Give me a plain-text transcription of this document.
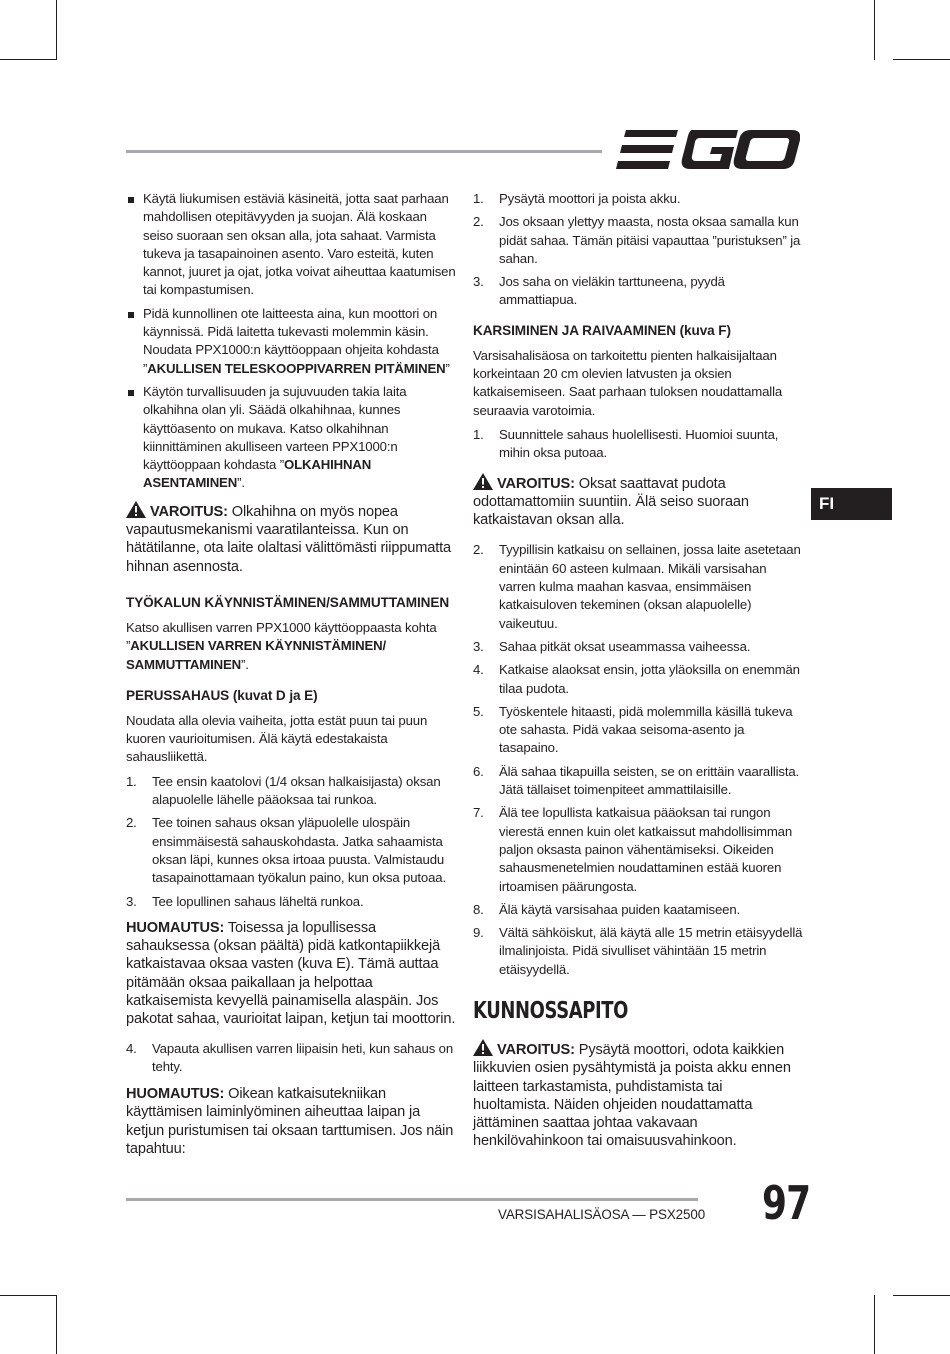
FI
Käytä liukumisen estäviä käsineitä, jotta saat parhaan mahdollisen otepitävyyden ja suojan. Älä koskaan seiso suoraan sen oksan alla, jota sahaat. Varmista tukeva ja tasapainoinen asento. Varo esteitä, kuten kannot, juuret ja ojat, jotka voivat aiheuttaa kaatumisen tai kompastumisen.
Pidä kunnollinen ote laitteesta aina, kun moottori on käynnissä. Pidä laitetta tukevasti molemmin käsin. Noudata PPX1000:n käyttöoppaan ohjeita kohdasta ”AKULLISEN TELESKOOPPIVARREN PITÄMINEN”
Käytön turvallisuuden ja sujuvuuden takia laita olkahihna olan yli. Säädä olkahihnaa, kunnes käyttöasento on mukava. Katso olkahihnan kiinnittäminen akulliseen varteen PPX1000:n käyttöoppaan kohdasta ”OLKAHIHNAN ASENTAMINEN”.

VAROITUS: Olkahihna on myös nopea vapautusmekanismi vaaratilanteissa. Kun on hätätilanne, ota laite olaltasi välittömästi riippumatta hihnan asennosta.

TYÖKALUN KÄYNNISTÄMINEN/SAMMUTTAMINEN

Katso akullisen varren PPX1000 käyttöoppaasta kohta ”AKULLISEN VARREN KÄYNNISTÄMINEN/ SAMMUTTAMINEN”.

PERUSSAHAUS (kuvat D ja E)

Noudata alla olevia vaiheita, jotta estät puun tai puun kuoren vaurioitumisen. Älä käytä edestakaista sahausliikettä.

1. Tee ensin kaatolovi (1/4 oksan halkaisijasta) oksan alapuolelle lähelle pääoksaa tai runkoa.
2. Tee toinen sahaus oksan yläpuolelle ulospäin ensimmäisestä sahauskohdasta. Jatka sahaamista oksan läpi, kunnes oksa irtoaa puusta. Valmistaudu tasapainottamaan työkalun paino, kun oksa putoaa.
3. Tee lopullinen sahaus läheltä runkoa.

HUOMAUTUS: Toisessa ja lopullisessa sahauksessa (oksan päältä) pidä katkontapiikkejä katkaistavaa oksaa vasten (kuva E). Tämä auttaa pitämään oksaa paikallaan ja helpottaa katkaisemista kevyellä painamisella alaspäin. Jos pakotat sahaa, vaurioitat laipan, ketjun tai moottorin.

4. Vapauta akullisen varren liipaisin heti, kun sahaus on tehty.

HUOMAUTUS: Oikean katkaisutekniikan käyttämisen laiminlyöminen aiheuttaa laipan ja ketjun puristumisen tai oksaan tarttumisen. Jos näin tapahtuu:

1. Pysäytä moottori ja poista akku.
2. Jos oksaan ylettyy maasta, nosta oksaa samalla kun pidät sahaa. Tämän pitäisi vapauttaa ”puristuksen” ja sahan.
3. Jos saha on vieläkin tarttuneena, pyydä ammattiapua.
KARSIMINEN JA RAIVAAMINEN (kuva F)

Varsisahalisäosa on tarkoitettu pienten halkaisijaltaan korkeintaan 20 cm olevien latvusten ja oksien katkaisemiseen. Saat parhaan tuloksen noudattamalla seuraavia varotoimia.

1. Suunnittele sahaus huolellisesti. Huomioi suunta, mihin oksa putoaa.

VAROITUS: Oksat saattavat pudota odottamattomiin suuntiin. Älä seiso suoraan katkaistavan oksan alla.

2. Tyypillisin katkaisu on sellainen, jossa laite asetetaan enintään 60 asteen kulmaan. Mikäli varsisahan varren kulma maahan kasvaa, ensimmäisen katkaisuloven tekeminen (oksan alapuolelle) vaikeutuu.
3. Sahaa pitkät oksat useammassa vaiheessa.
4. Katkaise alaoksat ensin, jotta yläoksilla on enemmän tilaa pudota.
5. Työskentele hitaasti, pidä molemmilla käsillä tukeva ote sahasta. Pidä vakaa seisoma-asento ja tasapaino.
6. Älä sahaa tikapuilla seisten, se on erittäin vaarallista. Jätä tällaiset toimenpiteet ammattilaisille.
7. Älä tee lopullista katkaisua pääoksan tai rungon vierestä ennen kuin olet katkaissut mahdollisimman paljon oksasta painon vähentämiseksi. Oikeiden sahausmenetelmien noudattaminen estää kuoren irtoamisen päärungosta.
8. Älä käytä varsisahaa puiden kaatamiseen.
9. Vältä sähköiskut, älä käytä alle 15 metrin etäisyydellä ilmalinjoista. Pidä sivulliset vähintään 15 metrin etäisyydellä.
KUNNOSSAPITO

VAROITUS: Pysäytä moottori, odota kaikkien liikkuvien osien pysähtymistä ja poista akku ennen laitteen tarkastamista, puhdistamista tai huoltamista. Näiden ohjeiden noudattamatta jättäminen saattaa johtaa vakavaan henkilövahinkoon tai omaisuusvahinkoon.

VARSISAHALISÄOSA — PSX2500 97
